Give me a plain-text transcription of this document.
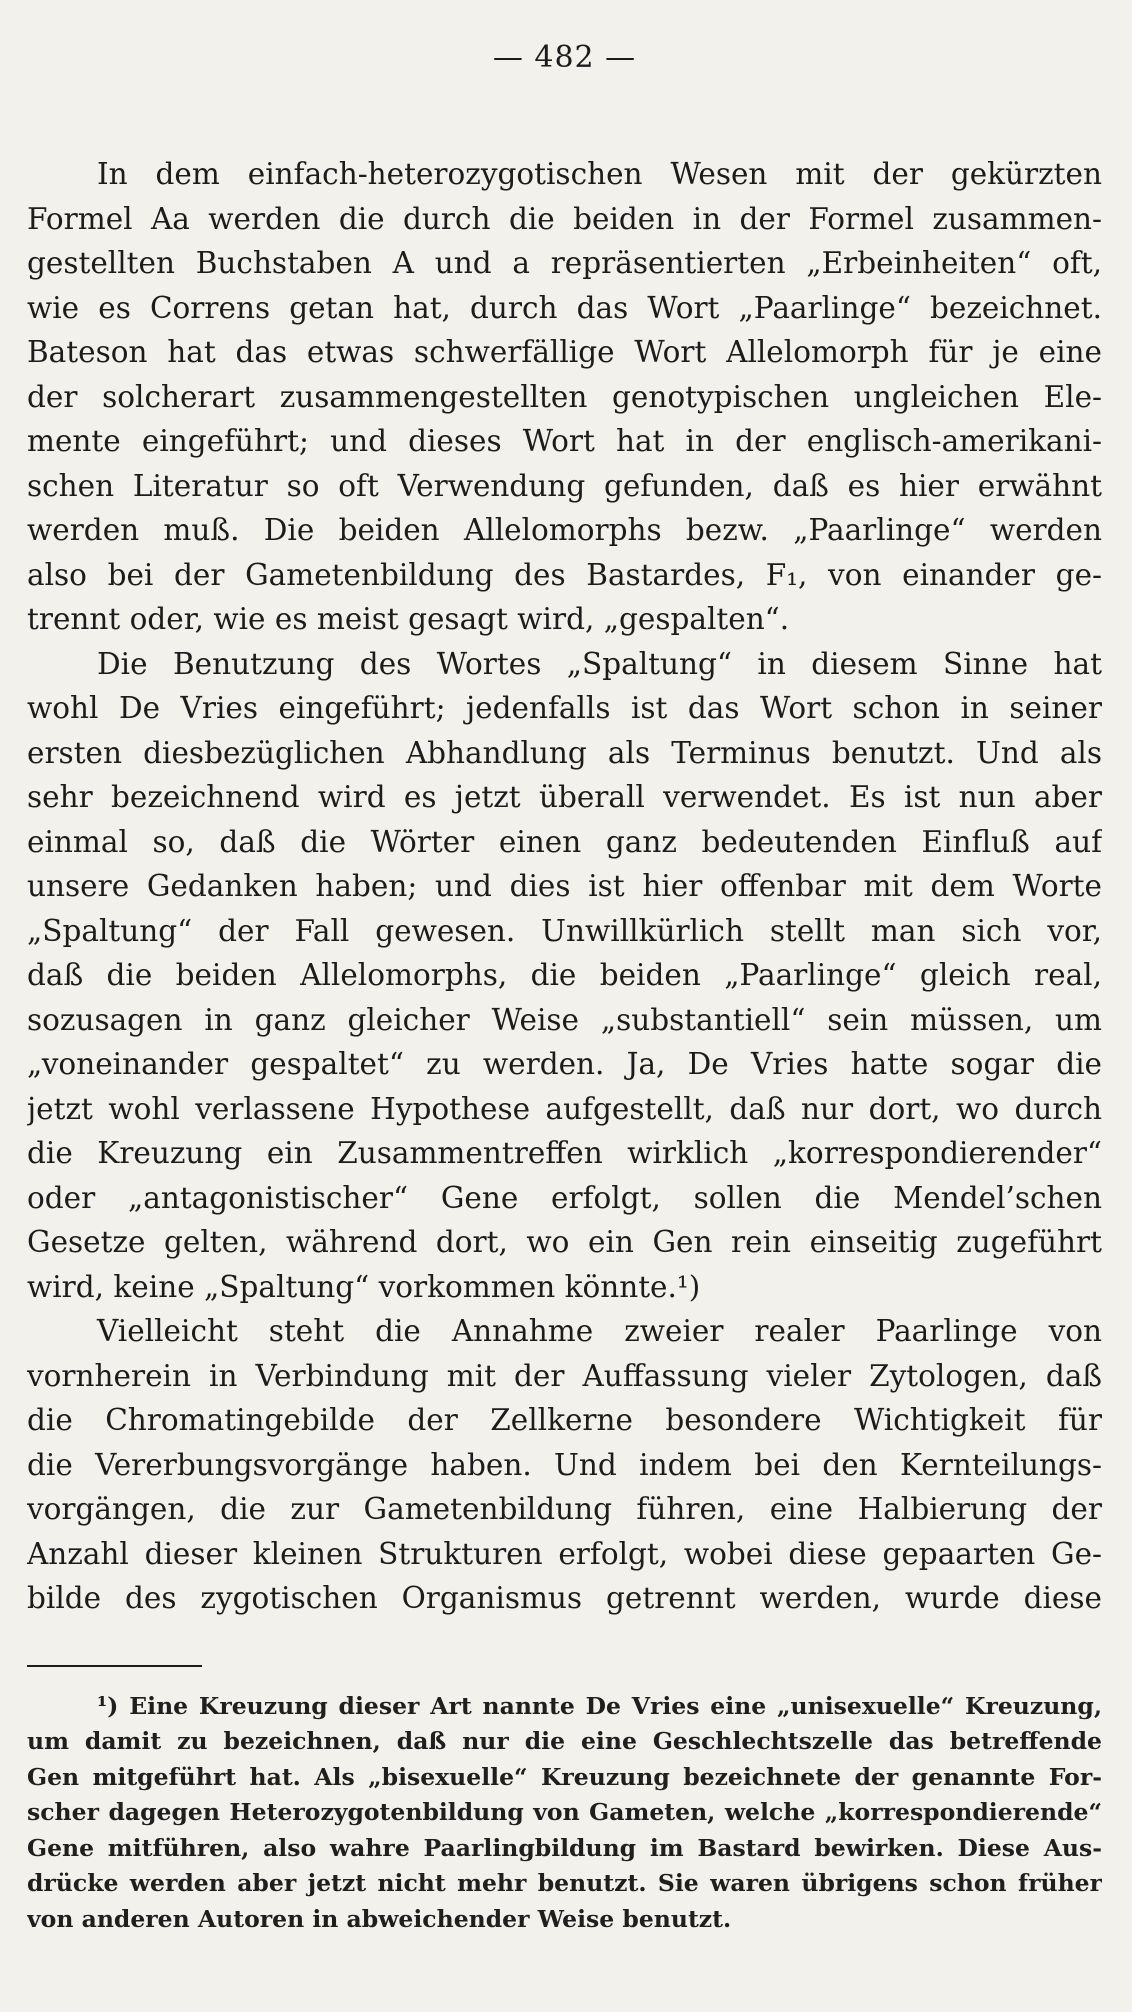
— 482 —
In dem einfach-heterozygotischen Wesen mit der gekürzten
Formel Aa werden die durch die beiden in der Formel zusammen-
gestellten Buchstaben A und a repräsentierten „Erbeinheiten“ oft,
wie es Correns getan hat, durch das Wort „Paarlinge“ bezeichnet.
Bateson hat das etwas schwerfällige Wort Allelomorph für je eine
der solcherart zusammengestellten genotypischen ungleichen Ele-
mente eingeführt; und dieses Wort hat in der englisch-amerikani-
schen Literatur so oft Verwendung gefunden, daß es hier erwähnt
werden muß. Die beiden Allelomorphs bezw. „Paarlinge“ werden
also bei der Gametenbildung des Bastardes, F₁, von einander ge-
trennt oder, wie es meist gesagt wird, „gespalten“.
Die Benutzung des Wortes „Spaltung“ in diesem Sinne hat
wohl De Vries eingeführt; jedenfalls ist das Wort schon in seiner
ersten diesbezüglichen Abhandlung als Terminus benutzt. Und als
sehr bezeichnend wird es jetzt überall verwendet. Es ist nun aber
einmal so, daß die Wörter einen ganz bedeutenden Einfluß auf
unsere Gedanken haben; und dies ist hier offenbar mit dem Worte
„Spaltung“ der Fall gewesen. Unwillkürlich stellt man sich vor,
daß die beiden Allelomorphs, die beiden „Paarlinge“ gleich real,
sozusagen in ganz gleicher Weise „substantiell“ sein müssen, um
„voneinander gespaltet“ zu werden. Ja, De Vries hatte sogar die
jetzt wohl verlassene Hypothese aufgestellt, daß nur dort, wo durch
die Kreuzung ein Zusammentreffen wirklich „korrespondierender“
oder „antagonistischer“ Gene erfolgt, sollen die Mendel’schen
Gesetze gelten, während dort, wo ein Gen rein einseitig zugeführt
wird, keine „Spaltung“ vorkommen könnte.¹)
Vielleicht steht die Annahme zweier realer Paarlinge von
vornherein in Verbindung mit der Auffassung vieler Zytologen, daß
die Chromatingebilde der Zellkerne besondere Wichtigkeit für
die Vererbungsvorgänge haben. Und indem bei den Kernteilungs-
vorgängen, die zur Gametenbildung führen, eine Halbierung der
Anzahl dieser kleinen Strukturen erfolgt, wobei diese gepaarten Ge-
bilde des zygotischen Organismus getrennt werden, wurde diese
¹) Eine Kreuzung dieser Art nannte De Vries eine „unisexuelle“ Kreuzung,
um damit zu bezeichnen, daß nur die eine Geschlechtszelle das betreffende
Gen mitgeführt hat. Als „bisexuelle“ Kreuzung bezeichnete der genannte For-
scher dagegen Heterozygotenbildung von Gameten, welche „korrespondierende“
Gene mitführen, also wahre Paarlingbildung im Bastard bewirken. Diese Aus-
drücke werden aber jetzt nicht mehr benutzt. Sie waren übrigens schon früher
von anderen Autoren in abweichender Weise benutzt.
